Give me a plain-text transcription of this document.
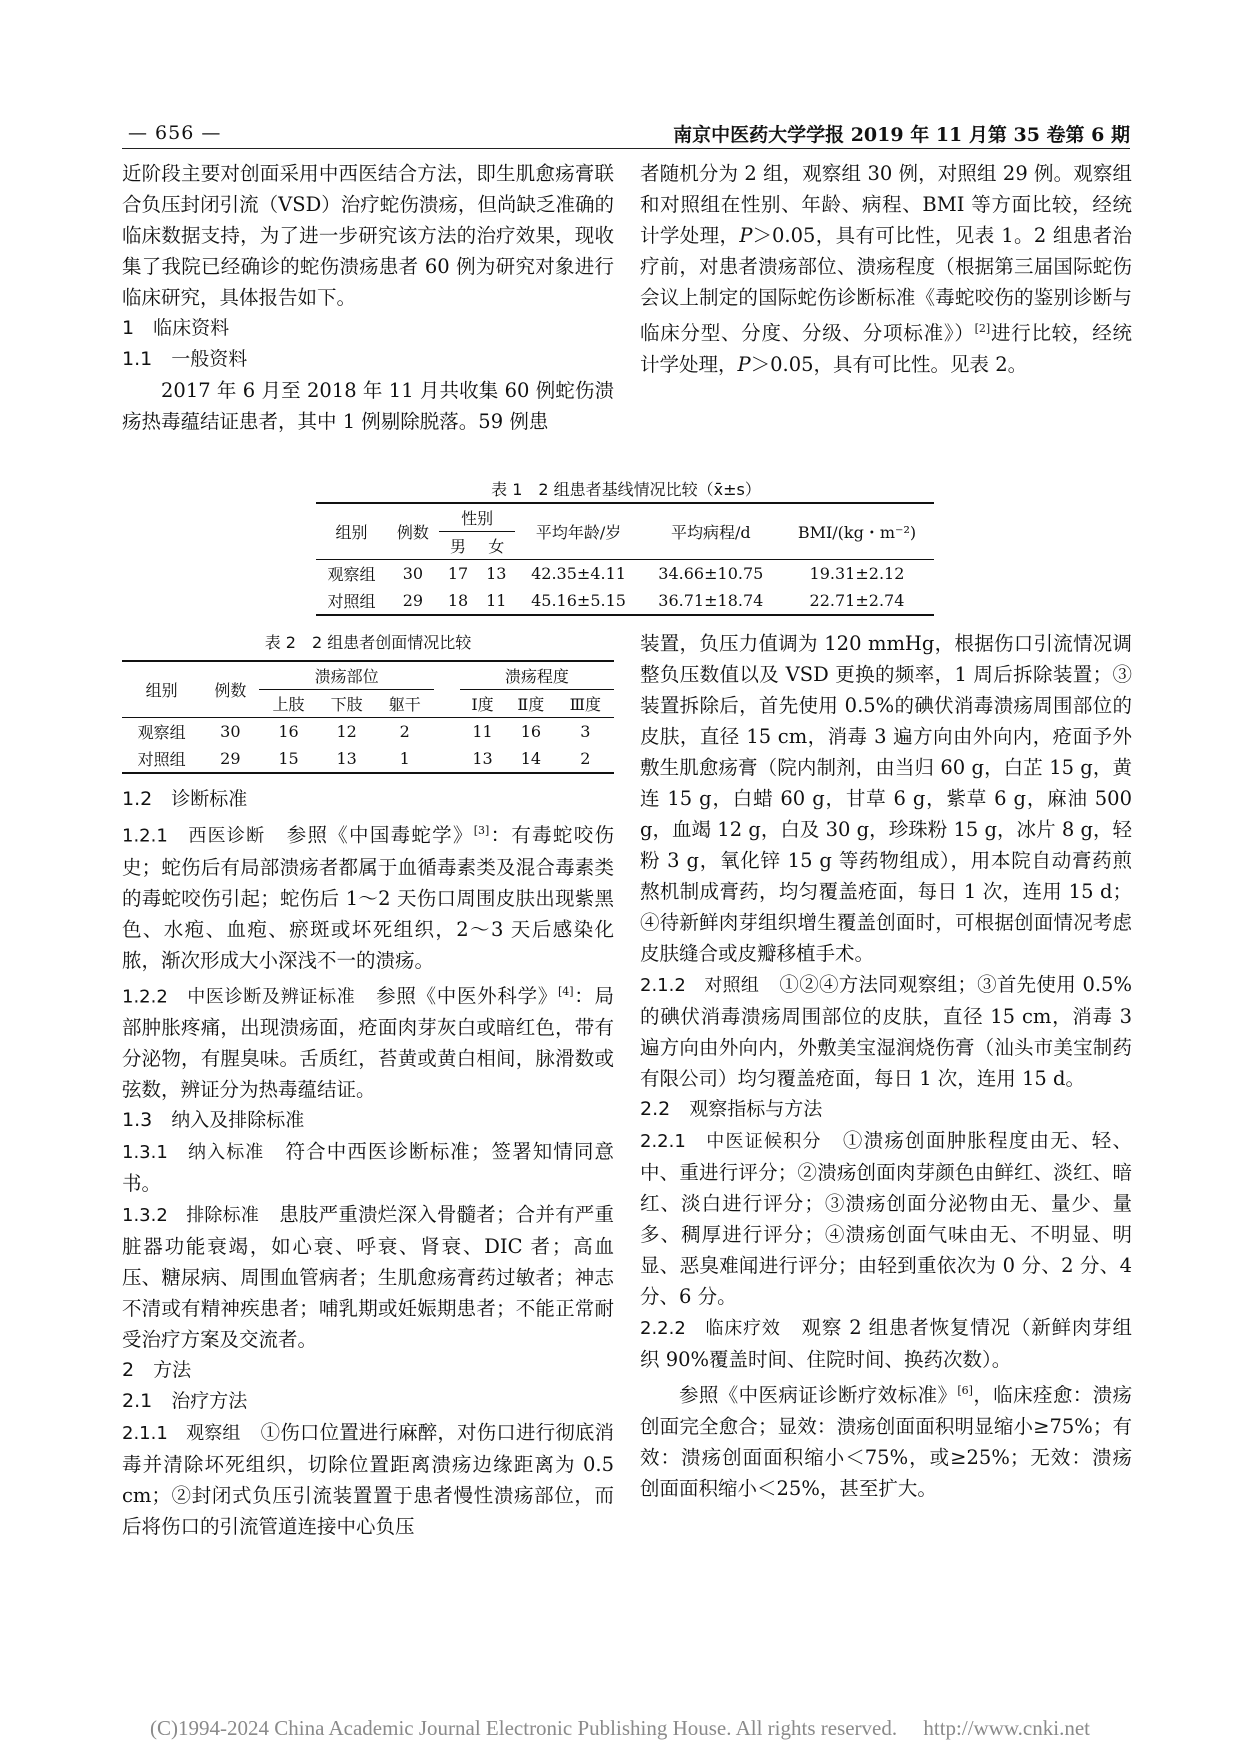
— 656 —	南京中医药大学学报 2019 年 11 月第 35 卷第 6 期

近阶段主要对创面采用中西医结合方法，即生肌愈疡膏联合负压封闭引流（VSD）治疗蛇伤溃疡，但尚缺乏准确的临床数据支持，为了进一步研究该方法的治疗效果，现收集了我院已经确诊的蛇伤溃疡患者 60 例为研究对象进行临床研究，具体报告如下。

1　临床资料

1.1　一般资料

2017 年 6 月至 2018 年 11 月共收集 60 例蛇伤溃疡热毒蕴结证患者，其中 1 例剔除脱落。59 例患

者随机分为 2 组，观察组 30 例，对照组 29 例。观察组和对照组在性别、年龄、病程、BMI 等方面比较，经统计学处理，P＞0.05，具有可比性，见表 1。2 组患者治疗前，对患者溃疡部位、溃疡程度（根据第三届国际蛇伤会议上制定的国际蛇伤诊断标准《毒蛇咬伤的鉴别诊断与临床分型、分度、分级、分项标准》）[2]进行比较，经统计学处理，P＞0.05，具有可比性。见表 2。

表 1　2 组患者基线情况比较（x̄±s）
组别	例数	性别		平均年龄/岁	平均病程/d	BMI/(kg・m⁻²)
		男	女			
观察组	30	17	13	42.35±4.11	34.66±10.75	19.31±2.12
对照组	29	18	11	45.16±5.15	36.71±18.74	22.71±2.74
表 2　2 组患者创面情况比较
组别	例数	溃疡部位				溃疡程度		
		上肢	下肢	躯干		Ⅰ度	Ⅱ度	Ⅲ度
观察组	30	16	12	2		11	16	3
对照组	29	15	13	1		13	14	2

1.2　诊断标准

1.2.1　西医诊断 参照《中国毒蛇学》[3]：有毒蛇咬伤史；蛇伤后有局部溃疡者都属于血循毒素类及混合毒素类的毒蛇咬伤引起；蛇伤后 1～2 天伤口周围皮肤出现紫黑色、水疱、血疱、瘀斑或坏死组织，2～3 天后感染化脓，渐次形成大小深浅不一的溃疡。

1.2.2　中医诊断及辨证标准 参照《中医外科学》[4]：局部肿胀疼痛，出现溃疡面，疮面肉芽灰白或暗红色，带有分泌物，有腥臭味。舌质红，苔黄或黄白相间，脉滑数或弦数，辨证分为热毒蕴结证。

1.3　纳入及排除标准

1.3.1　纳入标准 符合中西医诊断标准；签署知情同意书。

1.3.2　排除标准 患肢严重溃烂深入骨髓者；合并有严重脏器功能衰竭，如心衰、呼衰、肾衰、DIC 者；高血压、糖尿病、周围血管病者；生肌愈疡膏药过敏者；神志不清或有精神疾患者；哺乳期或妊娠期患者；不能正常耐受治疗方案及交流者。

2　方法

2.1　治疗方法

2.1.1　观察组 ①伤口位置进行麻醉，对伤口进行彻底消毒并清除坏死组织，切除位置距离溃疡边缘距离为 0.5 cm；②封闭式负压引流装置置于患者慢性溃疡部位，而后将伤口的引流管道连接中心负压

装置，负压力值调为 120 mmHg，根据伤口引流情况调整负压数值以及 VSD 更换的频率，1 周后拆除装置；③装置拆除后，首先使用 0.5%的碘伏消毒溃疡周围部位的皮肤，直径 15 cm，消毒 3 遍方向由外向内，疮面予外敷生肌愈疡膏（院内制剂，由当归 60 g，白芷 15 g，黄连 15 g，白蜡 60 g，甘草 6 g，紫草 6 g，麻油 500 g，血竭 12 g，白及 30 g，珍珠粉 15 g，冰片 8 g，轻粉 3 g，氧化锌 15 g 等药物组成），用本院自动膏药煎熬机制成膏药，均匀覆盖疮面，每日 1 次，连用 15 d；④待新鲜肉芽组织增生覆盖创面时，可根据创面情况考虑皮肤缝合或皮瓣移植手术。

2.1.2　对照组 ①②④方法同观察组；③首先使用 0.5%的碘伏消毒溃疡周围部位的皮肤，直径 15 cm，消毒 3 遍方向由外向内，外敷美宝湿润烧伤膏（汕头市美宝制药有限公司）均匀覆盖疮面，每日 1 次，连用 15 d。

2.2　观察指标与方法

2.2.1　中医证候积分 ①溃疡创面肿胀程度由无、轻、中、重进行评分；②溃疡创面肉芽颜色由鲜红、淡红、暗红、淡白进行评分；③溃疡创面分泌物由无、量少、量多、稠厚进行评分；④溃疡创面气味由无、不明显、明显、恶臭难闻进行评分；由轻到重依次为 0 分、2 分、4 分、6 分。

2.2.2　临床疗效 观察 2 组患者恢复情况（新鲜肉芽组织 90%覆盖时间、住院时间、换药次数）。

参照《中医病证诊断疗效标准》[6]，临床痊愈：溃疡创面完全愈合；显效：溃疡创面面积明显缩小≥75%；有效：溃疡创面面积缩小＜75%，或≥25%；无效：溃疡创面面积缩小＜25%，甚至扩大。

(C)1994-2024 China Academic Journal Electronic Publishing House. All rights reserved.　 http://www.cnki.net
